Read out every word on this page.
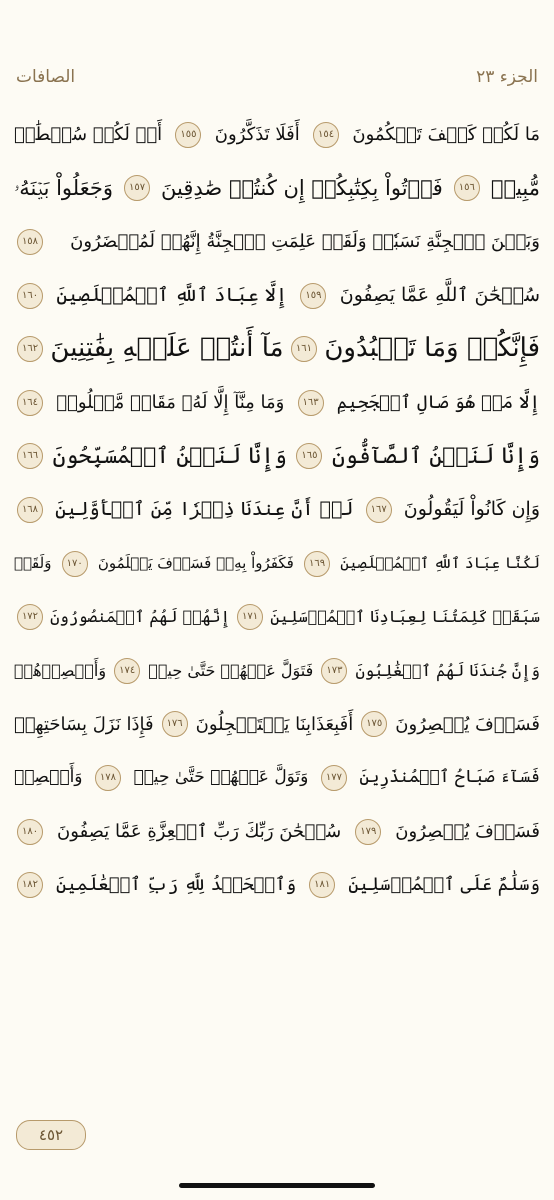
الصافات	الجزء ٢٣
مَا لَكُمۡ كَيۡفَ تَحۡكُمُونَ
١٥٤
أَفَلَا تَذَكَّرُونَ
١٥٥
أَمۡ لَكُمۡ سُلۡطَٰنٞ
مُّبِينٞ
١٥٦
فَأۡتُواْ بِكِتَٰبِكُمۡ إِن كُنتُمۡ صَٰدِقِينَ
١٥٧
وَجَعَلُواْ بَيۡنَهُۥ
وَبَيۡنَ ٱلۡجِنَّةِ نَسَبٗاۚ وَلَقَدۡ عَلِمَتِ ٱلۡجِنَّةُ إِنَّهُمۡ لَمُحۡضَرُونَ
١٥٨
سُبۡحَٰنَ ٱللَّهِ عَمَّا يَصِفُونَ
١٥٩
إِلَّا عِبَادَ ٱللَّهِ ٱلۡمُخۡلَصِينَ
١٦٠
فَإِنَّكُمۡ وَمَا تَعۡبُدُونَ
١٦١
مَآ أَنتُمۡ عَلَيۡهِ بِفَٰتِنِينَ
١٦٢
إِلَّا مَنۡ هُوَ صَالِ ٱلۡجَحِيمِ
١٦٣
وَمَا مِنَّآ إِلَّا لَهُۥ مَقَامٞ مَّعۡلُومٞ
١٦٤
وَإِنَّا لَنَحۡنُ ٱلصَّآفُّونَ
١٦٥
وَإِنَّا لَنَحۡنُ ٱلۡمُسَبِّحُونَ
١٦٦
وَإِن كَانُواْ لَيَقُولُونَ
١٦٧
لَوۡ أَنَّ عِندَنَا ذِكۡرٗا مِّنَ ٱلۡأَوَّلِينَ
١٦٨
لَكُنَّا عِبَادَ ٱللَّهِ ٱلۡمُخۡلَصِينَ
١٦٩
فَكَفَرُواْ بِهِۦۖ فَسَوۡفَ يَعۡلَمُونَ
١٧٠
وَلَقَدۡ
سَبَقَتۡ كَلِمَتُنَا لِعِبَادِنَا ٱلۡمُرۡسَلِينَ
١٧١
إِنَّهُمۡ لَهُمُ ٱلۡمَنصُورُونَ
١٧٢
وَإِنَّ جُندَنَا لَهُمُ ٱلۡغَٰلِبُونَ
١٧٣
فَتَوَلَّ عَنۡهُمۡ حَتَّىٰ حِينٖ
١٧٤
وَأَبۡصِرۡهُمۡ
فَسَوۡفَ يُبۡصِرُونَ
١٧٥
أَفَبِعَذَابِنَا يَسۡتَعۡجِلُونَ
١٧٦
فَإِذَا نَزَلَ بِسَاحَتِهِمۡ
فَسَآءَ صَبَاحُ ٱلۡمُنذَرِينَ
١٧٧
وَتَوَلَّ عَنۡهُمۡ حَتَّىٰ حِينٖ
١٧٨
وَأَبۡصِرۡ
فَسَوۡفَ يُبۡصِرُونَ
١٧٩
سُبۡحَٰنَ رَبِّكَ رَبِّ ٱلۡعِزَّةِ عَمَّا يَصِفُونَ
١٨٠
وَسَلَٰمٌ عَلَى ٱلۡمُرۡسَلِينَ
١٨١
وَٱلۡحَمۡدُ لِلَّهِ رَبِّ ٱلۡعَٰلَمِينَ
١٨٢
٤٥٢
